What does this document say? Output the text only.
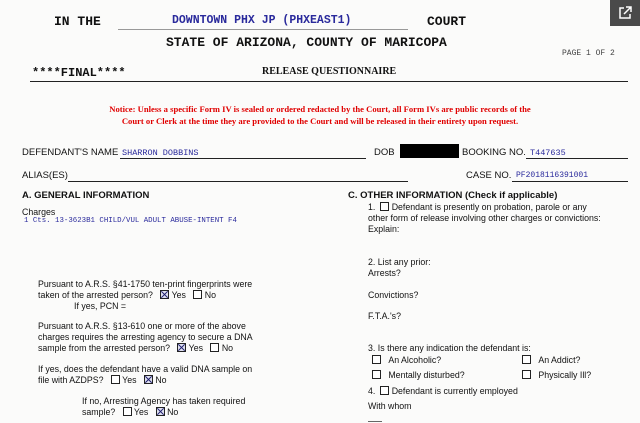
IN THE	DOWNTOWN PHX JP (PHXEAST1)	COURT
STATE OF ARIZONA, COUNTY OF MARICOPA
PAGE 1 OF 2
****FINAL****	RELEASE QUESTIONNAIRE
Notice: Unless a specific Form IV is sealed or ordered redacted by the Court, all Form IVs are public records of the
Court or Clerk at the time they are provided to the Court and will be released in their entirety upon request.
DEFENDANT'S NAME SHARRON DOBBINS	DOB	BOOKING NO. T447635
ALIAS(ES)	CASE NO. PF2018116391001
A. GENERAL INFORMATION
Charges
1 Cts. 13-3623B1 CHILD/VUL ADULT ABUSE-INTENT F4
Pursuant to A.R.S. §41-1750 ten-print fingerprints were
taken of the arrested person? Yes No
If yes, PCN =
Pursuant to A.R.S. §13-610 one or more of the above
charges requires the arresting agency to secure a DNA
sample from the arrested person? Yes No
If yes, does the defendant have a valid DNA sample on
file with AZDPS? Yes No
If no, Arresting Agency has taken required
sample? Yes No
C. OTHER INFORMATION (Check if applicable)
1. Defendant is presently on probation, parole or any
other form of release involving other charges or convictions:
Explain:
2. List any prior:
Arrests?
Convictions?
F.T.A.'s?
3. Is there any indication the defendant is:
An Alcoholic?	An Addict?
Mentally disturbed?	Physically Ill?
4. Defendant is currently employed
With whom
